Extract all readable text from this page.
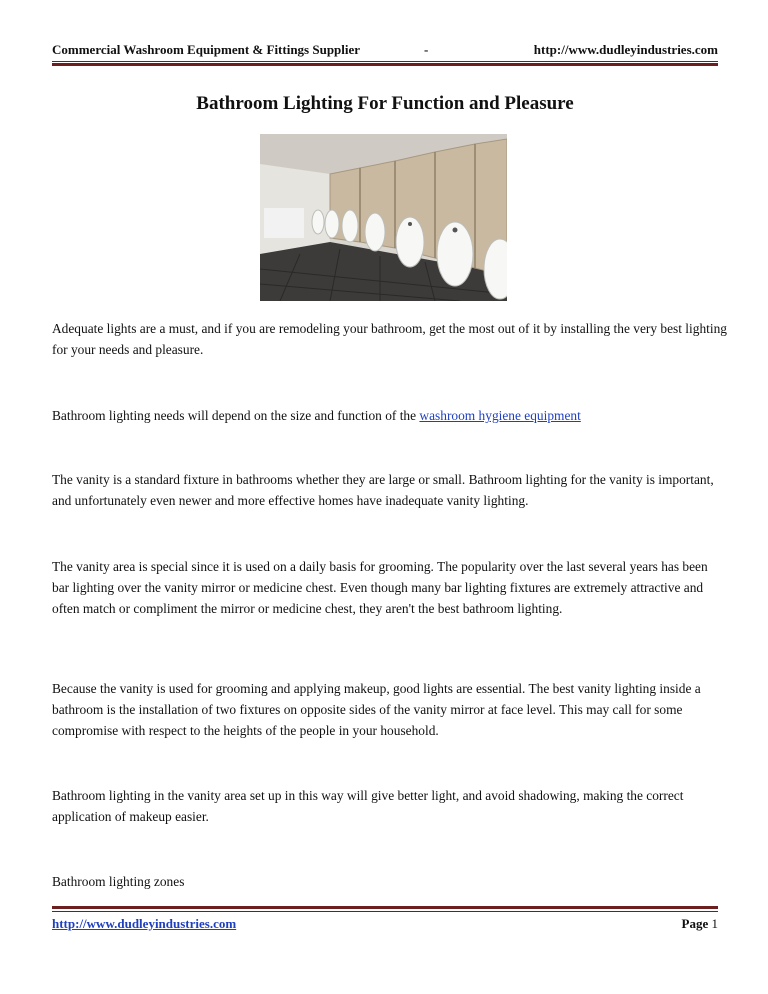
Commercial Washroom Equipment & Fittings Supplier	-	http://www.dudleyindustries.com
Bathroom Lighting For Function and Pleasure

Adequate lights are a must, and if you are remodeling your bathroom, get the most out of it by installing the very best lighting for your needs and pleasure.

Bathroom lighting needs will depend on the size and function of the washroom hygiene equipment

The vanity is a standard fixture in bathrooms whether they are large or small. Bathroom lighting for the vanity is important, and unfortunately even newer and more effective homes have inadequate vanity lighting.

The vanity area is special since it is used on a daily basis for grooming. The popularity over the last several years has been bar lighting over the vanity mirror or medicine chest. Even though many bar lighting fixtures are extremely attractive and often match or compliment the mirror or medicine chest, they aren't the best bathroom lighting.

Because the vanity is used for grooming and applying makeup, good lights are essential. The best vanity lighting inside a bathroom is the installation of two fixtures on opposite sides of the vanity mirror at face level. This may call for some compromise with respect to the heights of the people in your household.

Bathroom lighting in the vanity area set up in this way will give better light, and avoid shadowing, making the correct application of makeup easier.

Bathroom lighting zones

http://www.dudleyindustries.com	Page 1
